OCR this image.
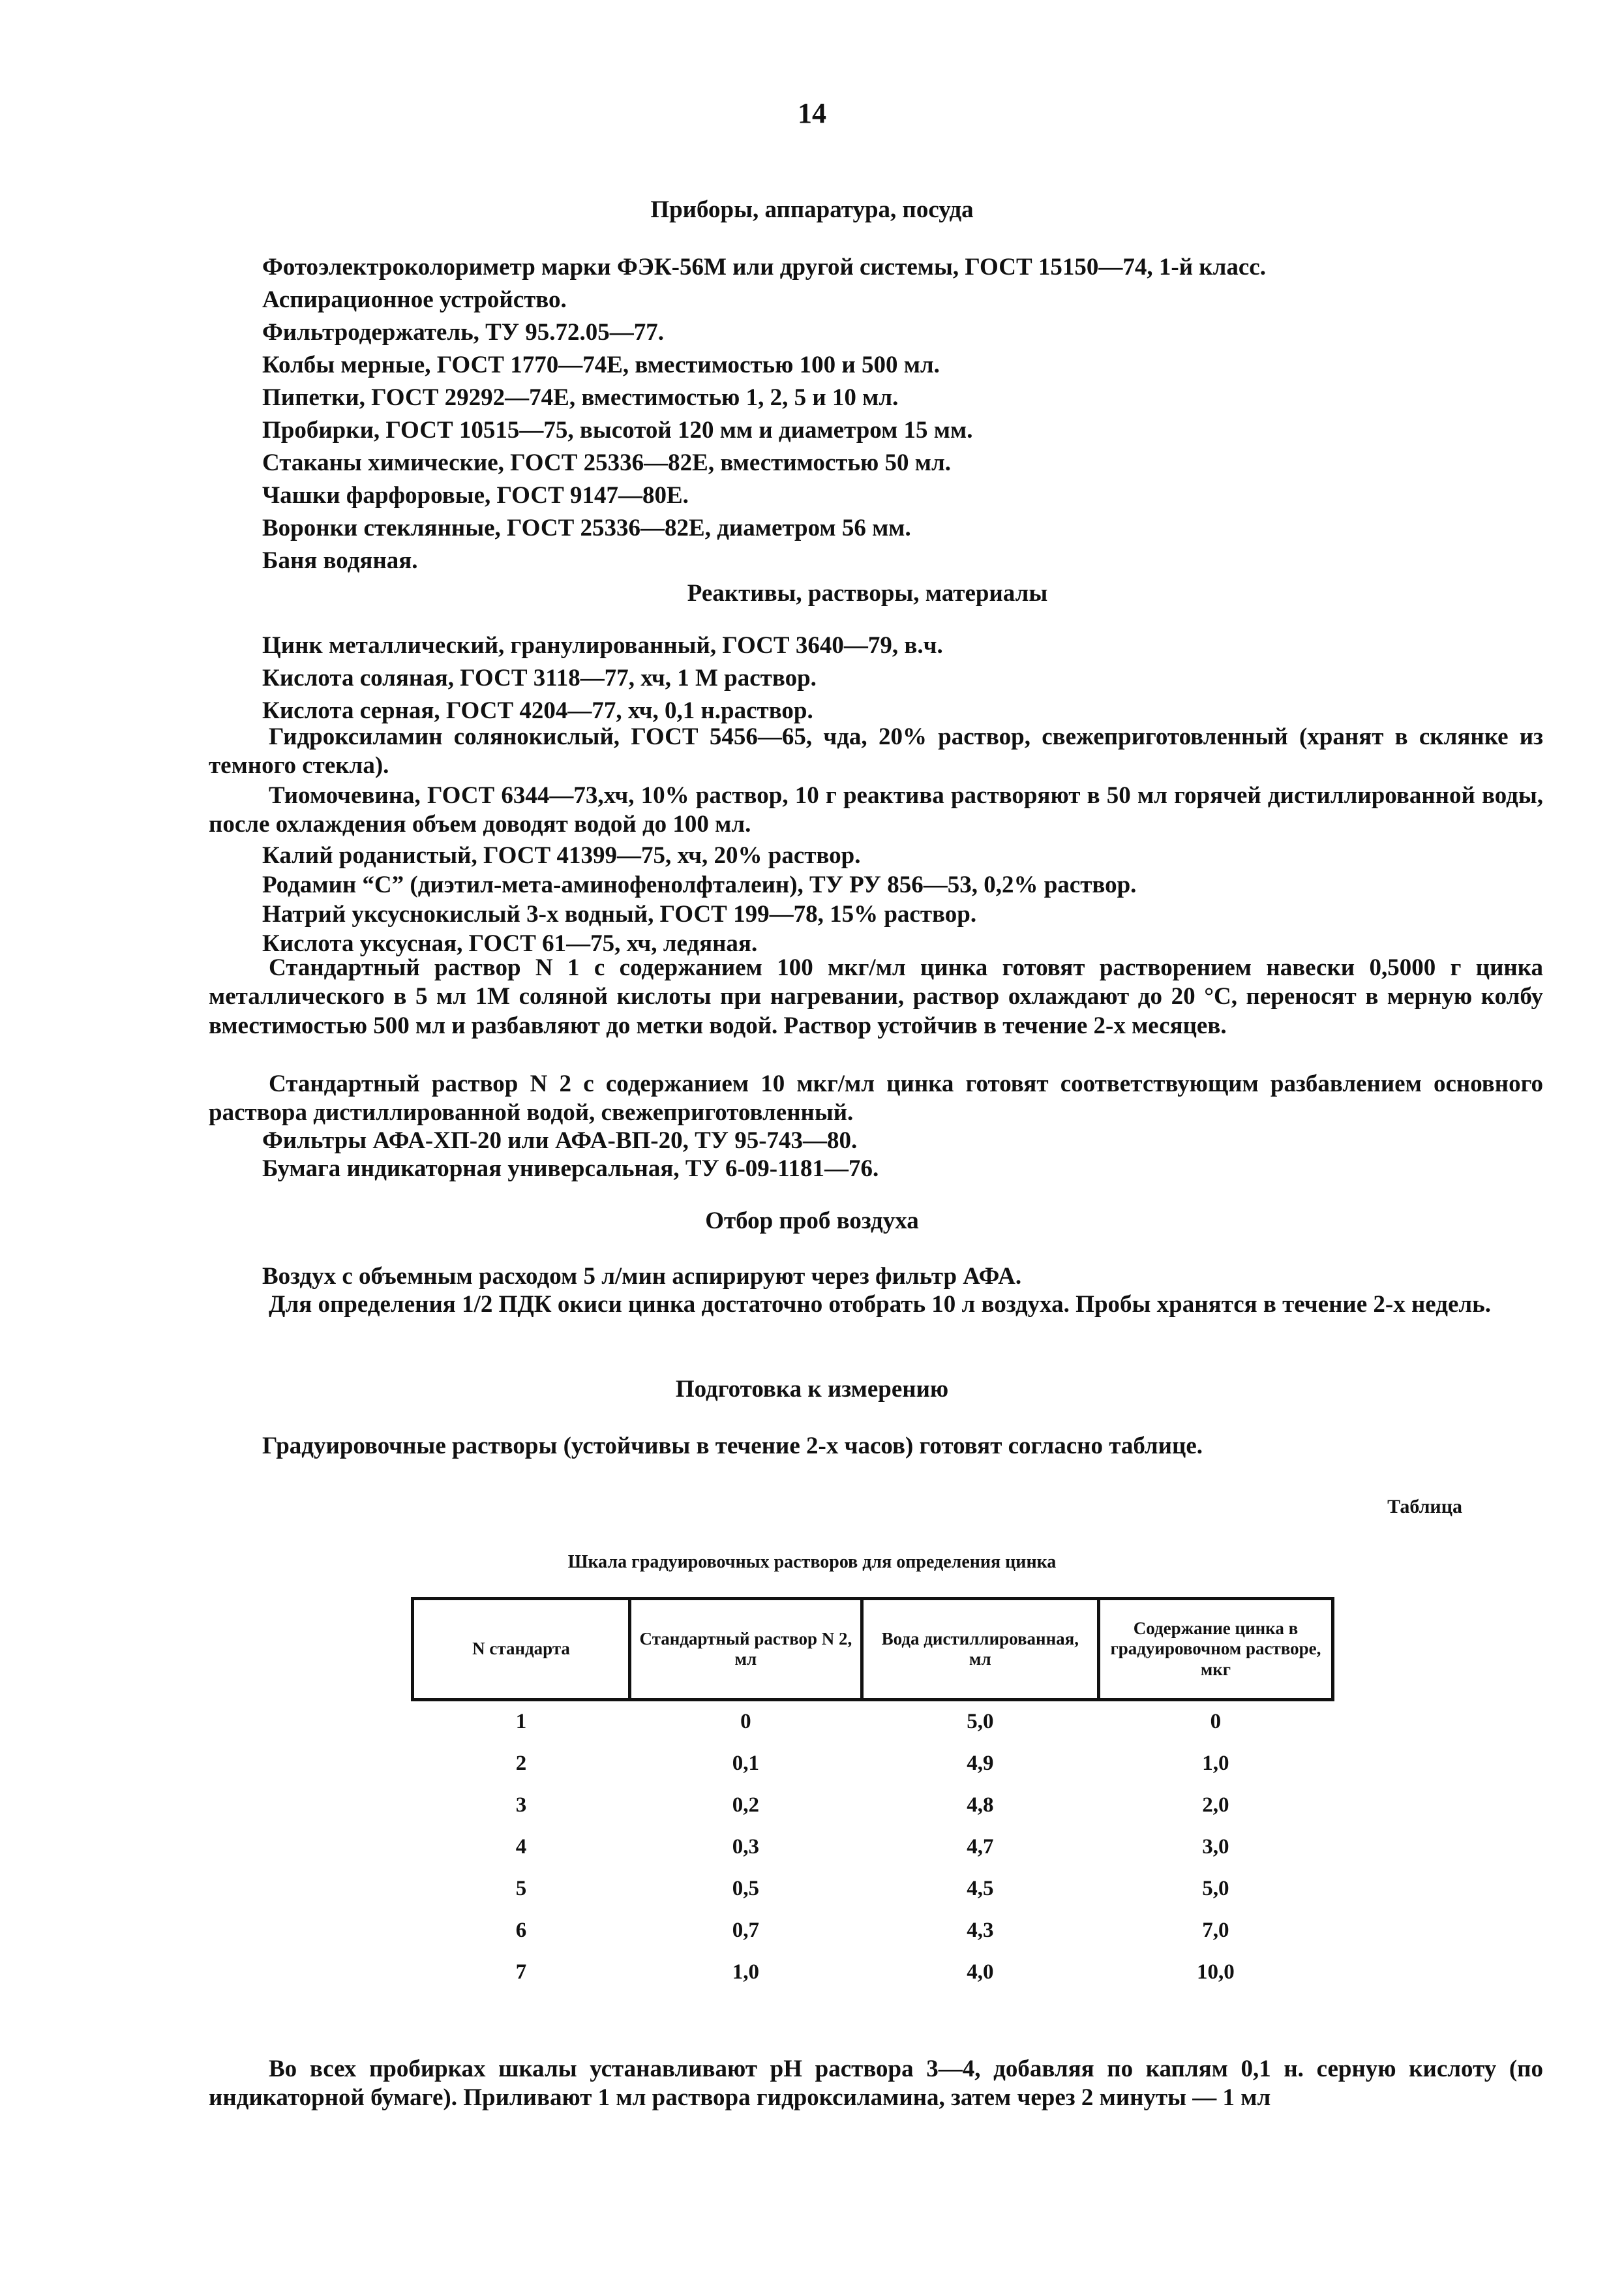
14
Приборы, аппаратура, посуда
Фотоэлектроколориметр марки ФЭК-56М или другой системы, ГОСТ 15150—74, 1-й класс.
Аспирационное устройство.
Фильтродержатель, ТУ 95.72.05—77.
Колбы мерные, ГОСТ 1770—74Е, вместимостью 100 и 500 мл.
Пипетки, ГОСТ 29292—74Е, вместимостью 1, 2, 5 и 10 мл.
Пробирки, ГОСТ 10515—75, высотой 120 мм и диаметром 15 мм.
Стаканы химические, ГОСТ 25336—82Е, вместимостью 50 мл.
Чашки фарфоровые, ГОСТ 9147—80Е.
Воронки стеклянные, ГОСТ 25336—82Е, диаметром 56 мм.
Баня водяная.
Реактивы, растворы, материалы
Цинк металлический, гранулированный, ГОСТ 3640—79, в.ч.
Кислота соляная, ГОСТ 3118—77, хч, 1 М раствор.
Кислота серная, ГОСТ 4204—77, хч, 0,1 н.раствор.
Гидроксиламин солянокислый, ГОСТ 5456—65, чда, 20% раствор, свежеприготовленный (хранят в склянке из темного стекла).
Тиомочевина, ГОСТ 6344—73,хч, 10% раствор, 10 г реактива растворяют в 50 мл горячей дистиллированной воды, после охлаждения объем доводят водой до 100 мл.
Калий роданистый, ГОСТ 41399—75, хч, 20% раствор.
Родамин “С” (диэтил-мета-аминофенолфталеин), ТУ РУ 856—53, 0,2% раствор.
Натрий уксуснокислый 3-х водный, ГОСТ 199—78, 15% раствор.
Кислота уксусная, ГОСТ 61—75, хч, ледяная.
Стандартный раствор N 1 с содержанием 100 мкг/мл цинка готовят растворением навески 0,5000 г цинка металлического в 5 мл 1М соляной кислоты при нагревании, раствор охлаждают до 20 °С, переносят в мерную колбу вместимостью 500 мл и разбавляют до метки водой. Раствор устойчив в течение 2-х месяцев.
Стандартный раствор N 2 с содержанием 10 мкг/мл цинка готовят соответствующим разбавлением основного раствора дистиллированной водой, свежеприготовленный.
Фильтры АФА-ХП-20 или АФА-ВП-20, ТУ 95-743—80.
Бумага индикаторная универсальная, ТУ 6-09-1181—76.
Отбор проб воздуха
Воздух с объемным расходом 5 л/мин аспирируют через фильтр АФА.
Для определения 1/2 ПДК окиси цинка достаточно отобрать 10 л воздуха. Пробы хранятся в течение 2-х недель.
Подготовка к измерению
Градуировочные растворы (устойчивы в течение 2-х часов) готовят согласно таблице.
Таблица
Шкала градуировочных растворов для определения цинка
N стандарта	Стандартный раствор N 2, мл	Вода дистиллированная, мл	Содержание цинка в градуировочном растворе, мкг
1	0	5,0	0
2	0,1	4,9	1,0
3	0,2	4,8	2,0
4	0,3	4,7	3,0
5	0,5	4,5	5,0
6	0,7	4,3	7,0
7	1,0	4,0	10,0
Во всех пробирках шкалы устанавливают pH раствора 3—4, добавляя по каплям 0,1 н. серную кислоту (по индикаторной бумаге). Приливают 1 мл раствора гидроксиламина, затем через 2 минуты — 1 мл
